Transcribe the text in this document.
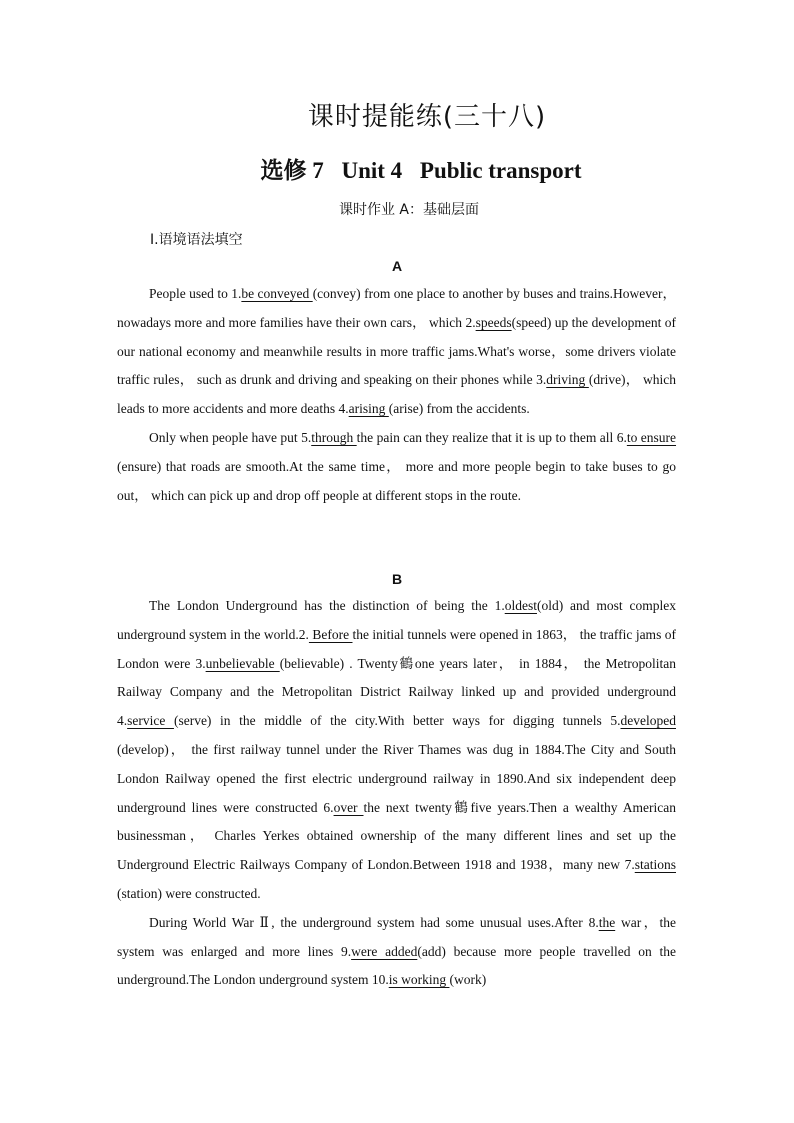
课时提能练(三十八)
选修 7 Unit 4 Public transport
课时作业 A：基础层面
Ⅰ.语境语法填空
A

People used to 1.be conveyed (convey) from one place to another by buses and trains.However， nowadays more and more families have their own cars， which 2.speeds(speed) up the development of our national economy and meanwhile results in more traffic jams.What's worse，some drivers violate traffic rules， such as drunk and driving and speaking on their phones while 3.driving (drive)， which leads to more accidents and more deaths 4.arising (arise) from the accidents.

Only when people have put 5.through the pain can they realize that it is up to them all 6.to ensure (ensure) that roads are smooth.At the same time， more and more people begin to take buses to go out， which can pick up and drop off people at different stops in the route.

B

The London Underground has the distinction of being the 1.oldest(old) and most complex underground system in the world.2. Before the initial tunnels were opened in 1863， the traffic jams of London were 3.unbelievable (believable) . Twenty鶴one years later， in 1884， the Metropolitan Railway Company and the Metropolitan District Railway linked up and provided underground 4.service (serve) in the middle of the city.With better ways for digging tunnels 5.developed (develop)， the first railway tunnel under the River Thames was dug in 1884.The City and South London Railway opened the first electric underground railway in 1890.And six independent deep underground lines were constructed 6.over the next twenty鶴five years.Then a wealthy American businessman， Charles Yerkes obtained ownership of the many different lines and set up the Underground Electric Railways Company of London.Between 1918 and 1938，many new 7.stations (station) were constructed.

During World War Ⅱ, the underground system had some unusual uses.After 8.the war，the system was enlarged and more lines 9.were added(add) because more people travelled on the underground.The London underground system 10.is working (work)
